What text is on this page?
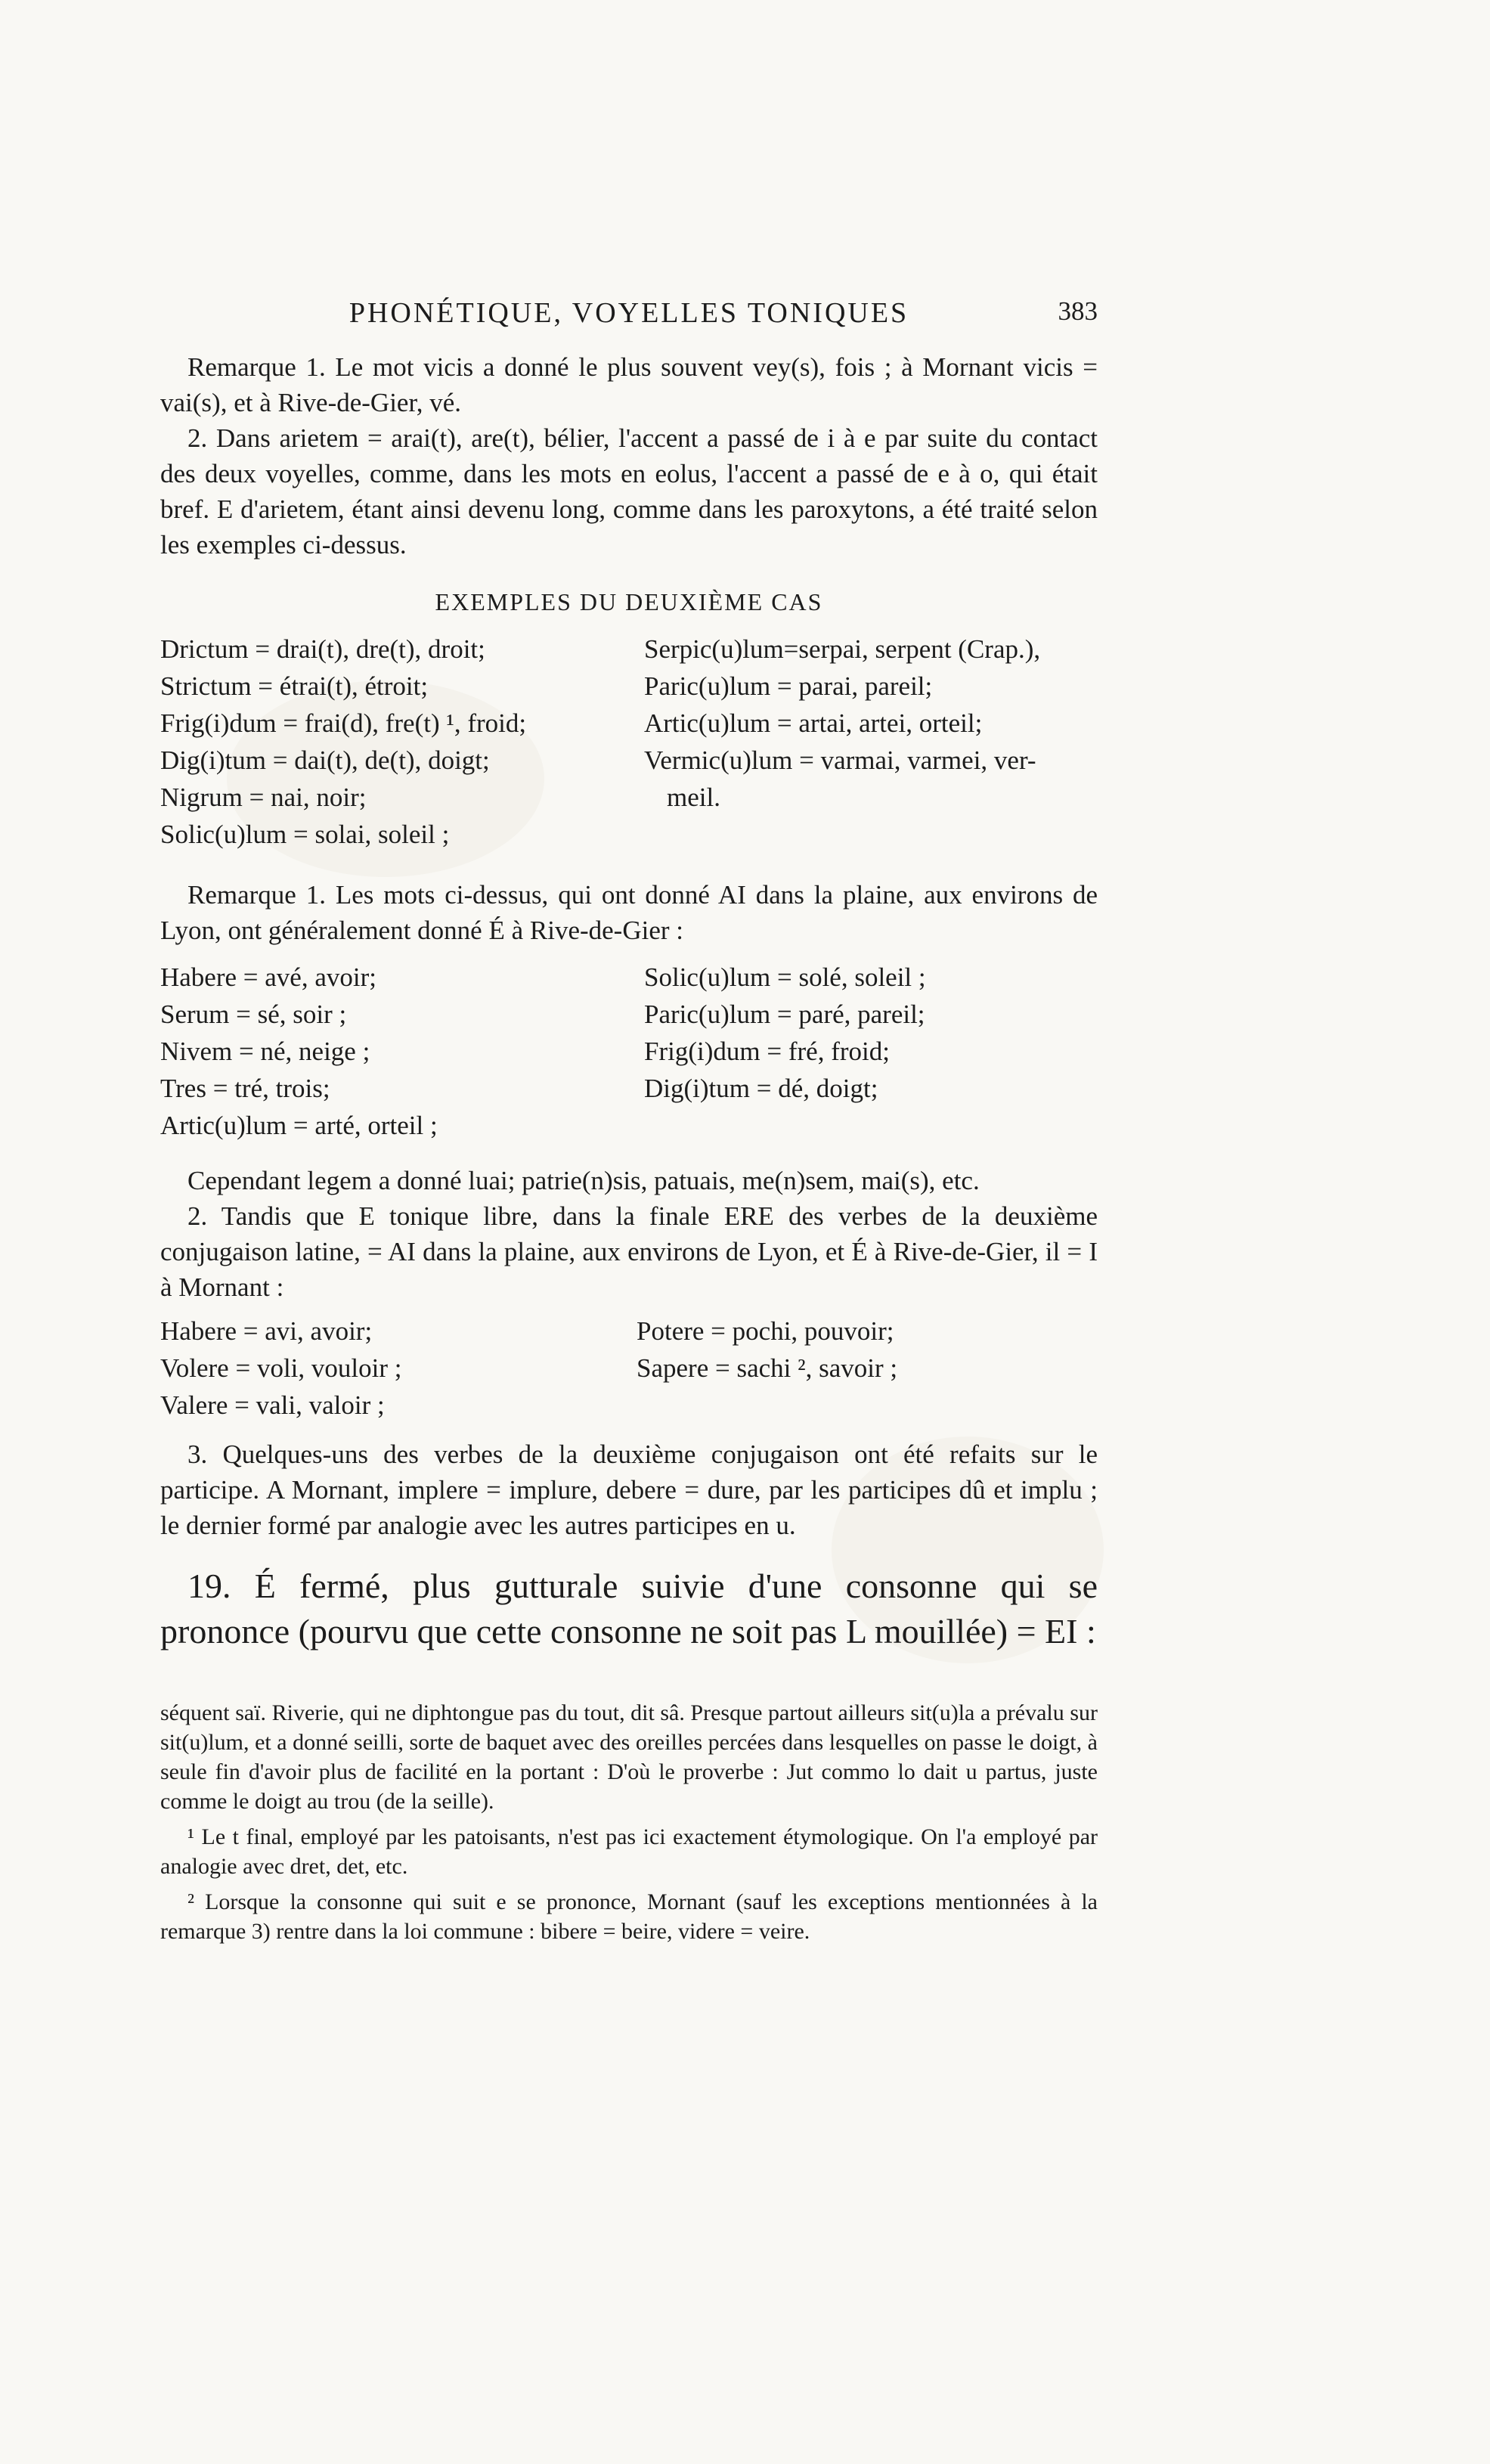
PHONÉTIQUE, VOYELLES TONIQUES	383

Remarque 1. Le mot vicis a donné le plus souvent vey(s), fois ; à Mornant vicis = vai(s), et à Rive-de-Gier, vé.

2. Dans arietem = arai(t), are(t), bélier, l'accent a passé de i à e par suite du contact des deux voyelles, comme, dans les mots en eolus, l'accent a passé de e à o, qui était bref. E d'arietem, étant ainsi devenu long, comme dans les paroxytons, a été traité selon les exemples ci-dessus.

EXEMPLES DU DEUXIÈME CAS
Drictum = drai(t), dre(t), droit;
Strictum = étrai(t), étroit;
Frig(i)dum = frai(d), fre(t) ¹, froid;
Dig(i)tum = dai(t), de(t), doigt;
Nigrum = nai, noir;
Solic(u)lum = solai, soleil ;
Serpic(u)lum=serpai, serpent (Crap.),
Paric(u)lum = parai, pareil;
Artic(u)lum = artai, artei, orteil;
Vermic(u)lum = varmai, varmei, ver-
meil.

Remarque 1. Les mots ci-dessus, qui ont donné AI dans la plaine, aux environs de Lyon, ont généralement donné É à Rive-de-Gier :

Habere = avé, avoir;
Serum = sé, soir ;
Nivem = né, neige ;
Tres = tré, trois;
Artic(u)lum = arté, orteil ;
Solic(u)lum = solé, soleil ;
Paric(u)lum = paré, pareil;
Frig(i)dum = fré, froid;
Dig(i)tum = dé, doigt;

Cependant legem a donné luai; patrie(n)sis, patuais, me(n)sem, mai(s), etc.

2. Tandis que E tonique libre, dans la finale ERE des verbes de la deuxième conjugaison latine, = AI dans la plaine, aux environs de Lyon, et É à Rive-de-Gier, il = I à Mornant :

Habere = avi, avoir;
Volere = voli, vouloir ;
Valere = vali, valoir ;
Potere = pochi, pouvoir;
Sapere = sachi ², savoir ;

3. Quelques-uns des verbes de la deuxième conjugaison ont été refaits sur le participe. A Mornant, implere = implure, debere = dure, par les participes dû et implu ; le dernier formé par analogie avec les autres participes en u.

19. É fermé, plus gutturale suivie d'une consonne qui se prononce (pourvu que cette consonne ne soit pas L mouillée) = EI :

séquent saï. Riverie, qui ne diphtongue pas du tout, dit sâ. Presque partout ailleurs sit(u)la a prévalu sur sit(u)lum, et a donné seilli, sorte de baquet avec des oreilles percées dans lesquelles on passe le doigt, à seule fin d'avoir plus de facilité en la portant : D'où le proverbe : Jut commo lo dait u partus, juste comme le doigt au trou (de la seille).

¹ Le t final, employé par les patoisants, n'est pas ici exactement étymologique. On l'a employé par analogie avec dret, det, etc.

² Lorsque la consonne qui suit e se prononce, Mornant (sauf les exceptions mentionnées à la remarque 3) rentre dans la loi commune : bibere = beire, videre = veire.
